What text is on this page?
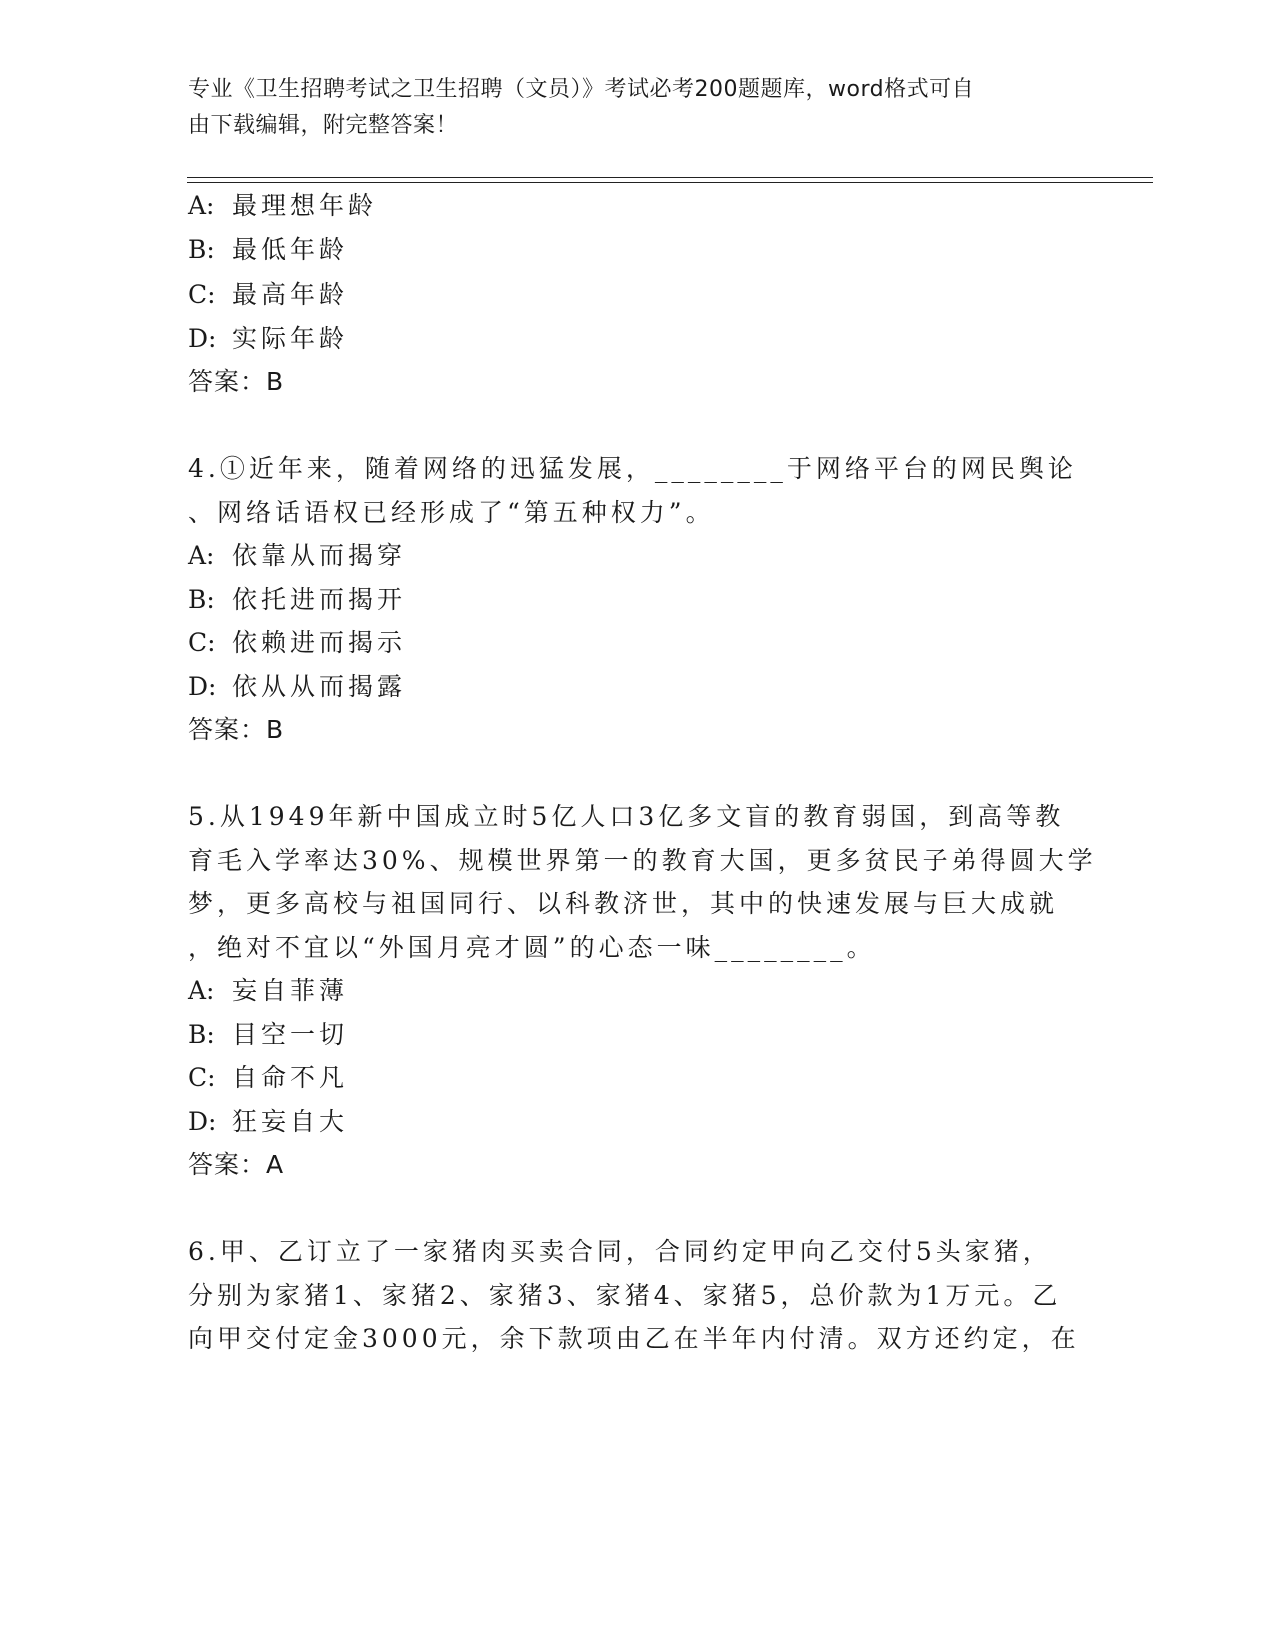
专业《卫生招聘考试之卫生招聘（文员）》考试必考200题题库，word格式可自
由下载编辑，附完整答案！
A: 最理想年龄
B: 最低年龄
C: 最高年龄
D: 实际年龄
答案：B
4.①近年来，随着网络的迅猛发展，________于网络平台的网民舆论
、网络话语权已经形成了“第五种权力”。
A: 依靠从而揭穿
B: 依托进而揭开
C: 依赖进而揭示
D: 依从从而揭露
答案：B
5.从1949年新中国成立时5亿人口3亿多文盲的教育弱国，到高等教
育毛入学率达30%、规模世界第一的教育大国，更多贫民子弟得圆大学
梦，更多高校与祖国同行、以科教济世，其中的快速发展与巨大成就
，绝对不宜以“外国月亮才圆”的心态一味________。
A: 妄自菲薄
B: 目空一切
C: 自命不凡
D: 狂妄自大
答案：A
6.甲、乙订立了一家猪肉买卖合同，合同约定甲向乙交付5头家猪，
分别为家猪1、家猪2、家猪3、家猪4、家猪5，总价款为1万元。乙
向甲交付定金3000元，余下款项由乙在半年内付清。双方还约定，在
